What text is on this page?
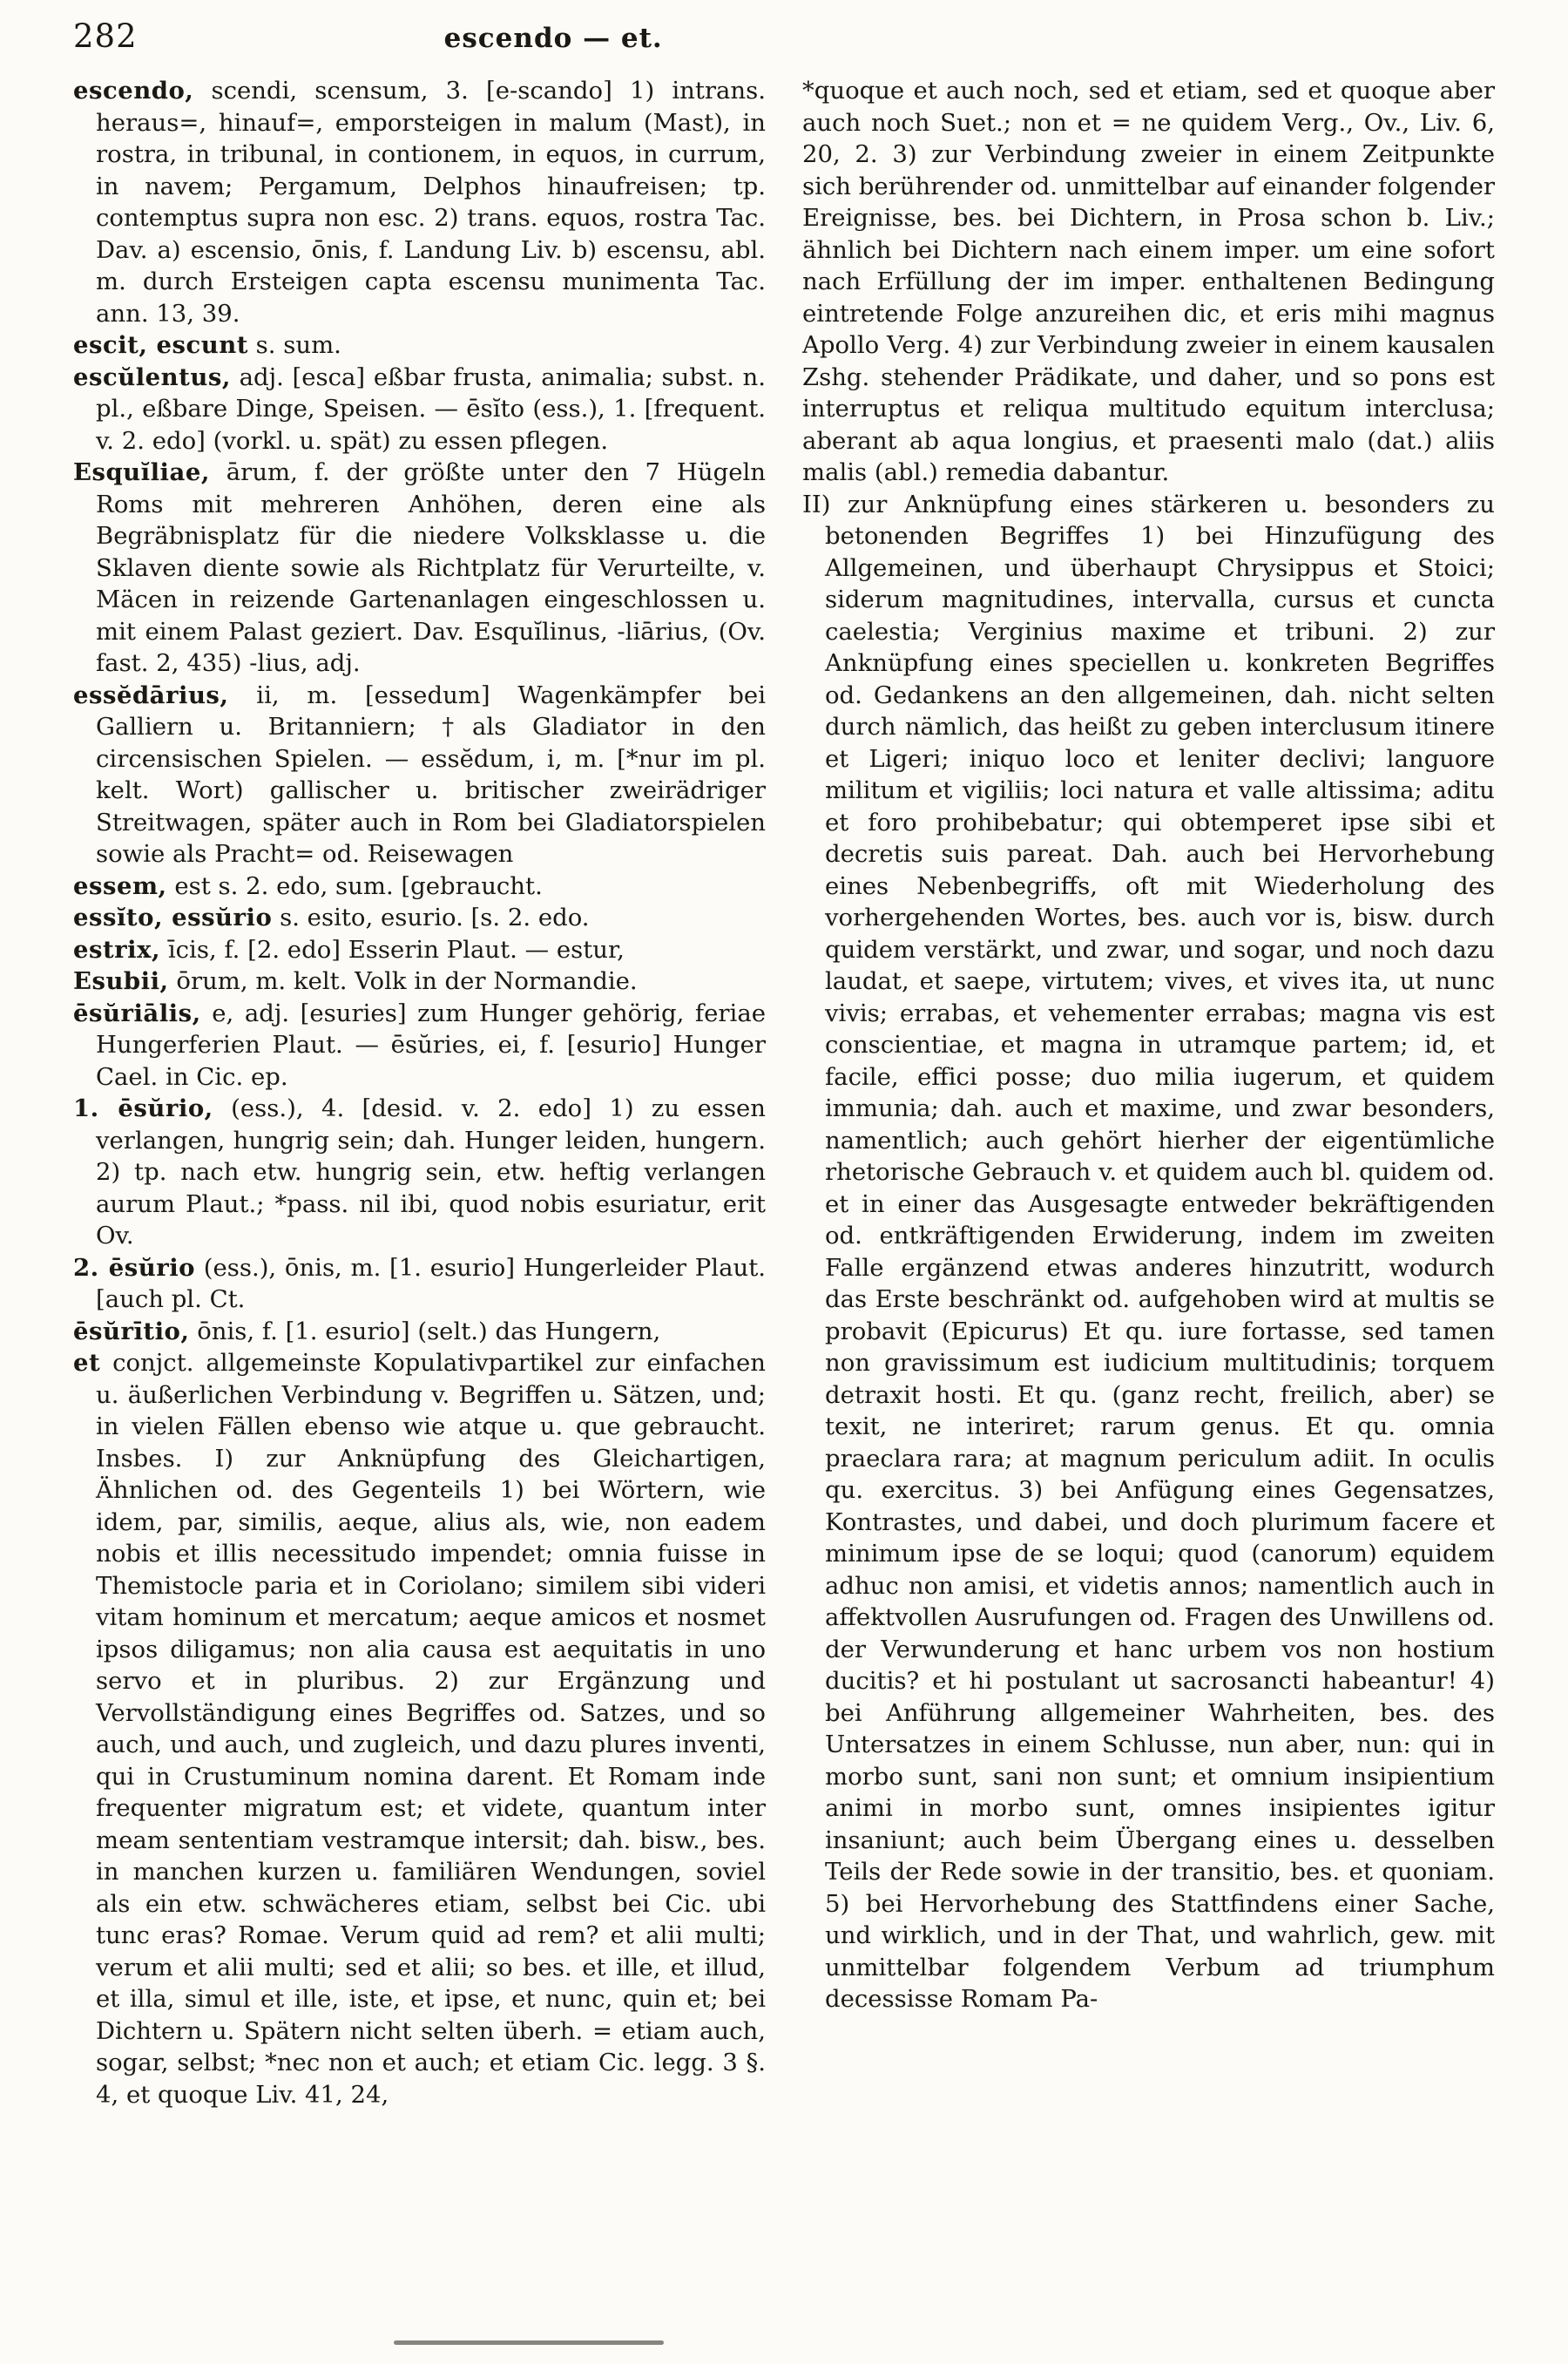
282	escendo — et.

escendo, scendi, scensum, 3. [e-scando] 1) intrans. heraus=, hinauf=, emporsteigen in malum (Mast), in rostra, in tribunal, in contionem, in equos, in currum, in navem; Pergamum, Delphos hinaufreisen; tp. contemptus supra non esc. 2) trans. equos, rostra Tac. Dav. a) escensio, ōnis, f. Landung Liv. b) escensu, abl. m. durch Ersteigen capta escensu munimenta Tac. ann. 13, 39.

escit, escunt s. sum.

escŭlentus, adj. [esca] eßbar frusta, animalia; subst. n. pl., eßbare Dinge, Speisen. — ēsĭto (ess.), 1. [frequent. v. 2. edo] (vorkl. u. spät) zu essen pflegen.

Esquĭliae, ārum, f. der größte unter den 7 Hügeln Roms mit mehreren Anhöhen, deren eine als Begräbnisplatz für die niedere Volksklasse u. die Sklaven diente sowie als Richtplatz für Verurteilte, v. Mäcen in reizende Gartenanlagen eingeschlossen u. mit einem Palast geziert. Dav. Esquĭlinus, -liārius, (Ov. fast. 2, 435) -lius, adj.

essĕdārius, ii, m. [essedum] Wagenkämpfer bei Galliern u. Britanniern; †als Gladiator in den circensischen Spielen. — essĕdum, i, m. [*nur im pl. kelt. Wort) gallischer u. britischer zweirädriger Streitwagen, später auch in Rom bei Gladiatorspielen sowie als Pracht= od. Reisewagen

essem, est s. 2. edo, sum. [gebraucht.

essĭto, essŭrio s. esito, esurio. [s. 2. edo.

estrix, īcis, f. [2. edo] Esserin Plaut. — estur,

Esubii, ōrum, m. kelt. Volk in der Normandie.

ēsŭriālis, e, adj. [esuries] zum Hunger gehörig, feriae Hungerferien Plaut. — ēsŭries, ei, f. [esurio] Hunger Cael. in Cic. ep.

1. ēsŭrio, (ess.), 4. [desid. v. 2. edo] 1) zu essen verlangen, hungrig sein; dah. Hunger leiden, hungern. 2) tp. nach etw. hungrig sein, etw. heftig verlangen aurum Plaut.; *pass. nil ibi, quod nobis esuriatur, erit Ov.

2. ēsŭrio (ess.), ōnis, m. [1. esurio] Hungerleider Plaut. [auch pl. Ct.

ēsŭrītio, ōnis, f. [1. esurio] (selt.) das Hungern,

et conjct. allgemeinste Kopulativpartikel zur einfachen u. äußerlichen Verbindung v. Begriffen u. Sätzen, und; in vielen Fällen ebenso wie atque u. que gebraucht. Insbes. I) zur Anknüpfung des Gleichartigen, Ähnlichen od. des Gegenteils 1) bei Wörtern, wie idem, par, similis, aeque, alius als, wie, non eadem nobis et illis necessitudo impendet; omnia fuisse in Themistocle paria et in Coriolano; similem sibi videri vitam hominum et mercatum; aeque amicos et nosmet ipsos diligamus; non alia causa est aequitatis in uno servo et in pluribus. 2) zur Ergänzung und Vervollständigung eines Begriffes od. Satzes, und so auch, und auch, und zugleich, und dazu plures inventi, qui in Crustuminum nomina darent. Et Romam inde frequenter migratum est; et videte, quantum inter meam sententiam vestramque intersit; dah. bisw., bes. in manchen kurzen u. familiären Wendungen, soviel als ein etw. schwächeres etiam, selbst bei Cic. ubi tunc eras? Romae. Verum quid ad rem? et alii multi; verum et alii multi; sed et alii; so bes. et ille, et illud, et illa, simul et ille, iste, et ipse, et nunc, quin et; bei Dichtern u. Spätern nicht selten überh. = etiam auch, sogar, selbst; *nec non et auch; et etiam Cic. legg. 3 §. 4, et quoque Liv. 41, 24,

*quoque et auch noch, sed et etiam, sed et quoque aber auch noch Suet.; non et = ne quidem Verg., Ov., Liv. 6, 20, 2. 3) zur Verbindung zweier in einem Zeitpunkte sich berührender od. unmittelbar auf einander folgender Ereignisse, bes. bei Dichtern, in Prosa schon b. Liv.; ähnlich bei Dichtern nach einem imper. um eine sofort nach Erfüllung der im imper. enthaltenen Bedingung eintretende Folge anzureihen dic, et eris mihi magnus Apollo Verg. 4) zur Verbindung zweier in einem kausalen Zshg. stehender Prädikate, und daher, und so pons est interruptus et reliqua multitudo equitum interclusa; aberant ab aqua longius, et praesenti malo (dat.) aliis malis (abl.) remedia dabantur.

II) zur Anknüpfung eines stärkeren u. besonders zu betonenden Begriffes 1) bei Hinzufügung des Allgemeinen, und überhaupt Chrysippus et Stoici; siderum magnitudines, intervalla, cursus et cuncta caelestia; Verginius maxime et tribuni. 2) zur Anknüpfung eines speciellen u. konkreten Begriffes od. Gedankens an den allgemeinen, dah. nicht selten durch nämlich, das heißt zu geben interclusum itinere et Ligeri; iniquo loco et leniter declivi; languore militum et vigiliis; loci natura et valle altissima; aditu et foro prohibebatur; qui obtemperet ipse sibi et decretis suis pareat. Dah. auch bei Hervorhebung eines Nebenbegriffs, oft mit Wiederholung des vorhergehenden Wortes, bes. auch vor is, bisw. durch quidem verstärkt, und zwar, und sogar, und noch dazu laudat, et saepe, virtutem; vives, et vives ita, ut nunc vivis; errabas, et vehementer errabas; magna vis est conscientiae, et magna in utramque partem; id, et facile, effici posse; duo milia iugerum, et quidem immunia; dah. auch et maxime, und zwar besonders, namentlich; auch gehört hierher der eigentümliche rhetorische Gebrauch v. et quidem auch bl. quidem od. et in einer das Ausgesagte entweder bekräftigenden od. entkräftigenden Erwiderung, indem im zweiten Falle ergänzend etwas anderes hinzutritt, wodurch das Erste beschränkt od. aufgehoben wird at multis se probavit (Epicurus) Et qu. iure fortasse, sed tamen non gravissimum est iudicium multitudinis; torquem detraxit hosti. Et qu. (ganz recht, freilich, aber) se texit, ne interiret; rarum genus. Et qu. omnia praeclara rara; at magnum periculum adiit. In oculis qu. exercitus. 3) bei Anfügung eines Gegensatzes, Kontrastes, und dabei, und doch plurimum facere et minimum ipse de se loqui; quod (canorum) equidem adhuc non amisi, et videtis annos; namentlich auch in affektvollen Ausrufungen od. Fragen des Unwillens od. der Verwunderung et hanc urbem vos non hostium ducitis? et hi postulant ut sacrosancti habeantur! 4) bei Anführung allgemeiner Wahrheiten, bes. des Untersatzes in einem Schlusse, nun aber, nun: qui in morbo sunt, sani non sunt; et omnium insipientium animi in morbo sunt, omnes insipientes igitur insaniunt; auch beim Übergang eines u. desselben Teils der Rede sowie in der transitio, bes. et quoniam. 5) bei Hervorhebung des Stattfindens einer Sache, und wirklich, und in der That, und wahrlich, gew. mit unmittelbar folgendem Verbum ad triumphum decessisse Romam Pa-
